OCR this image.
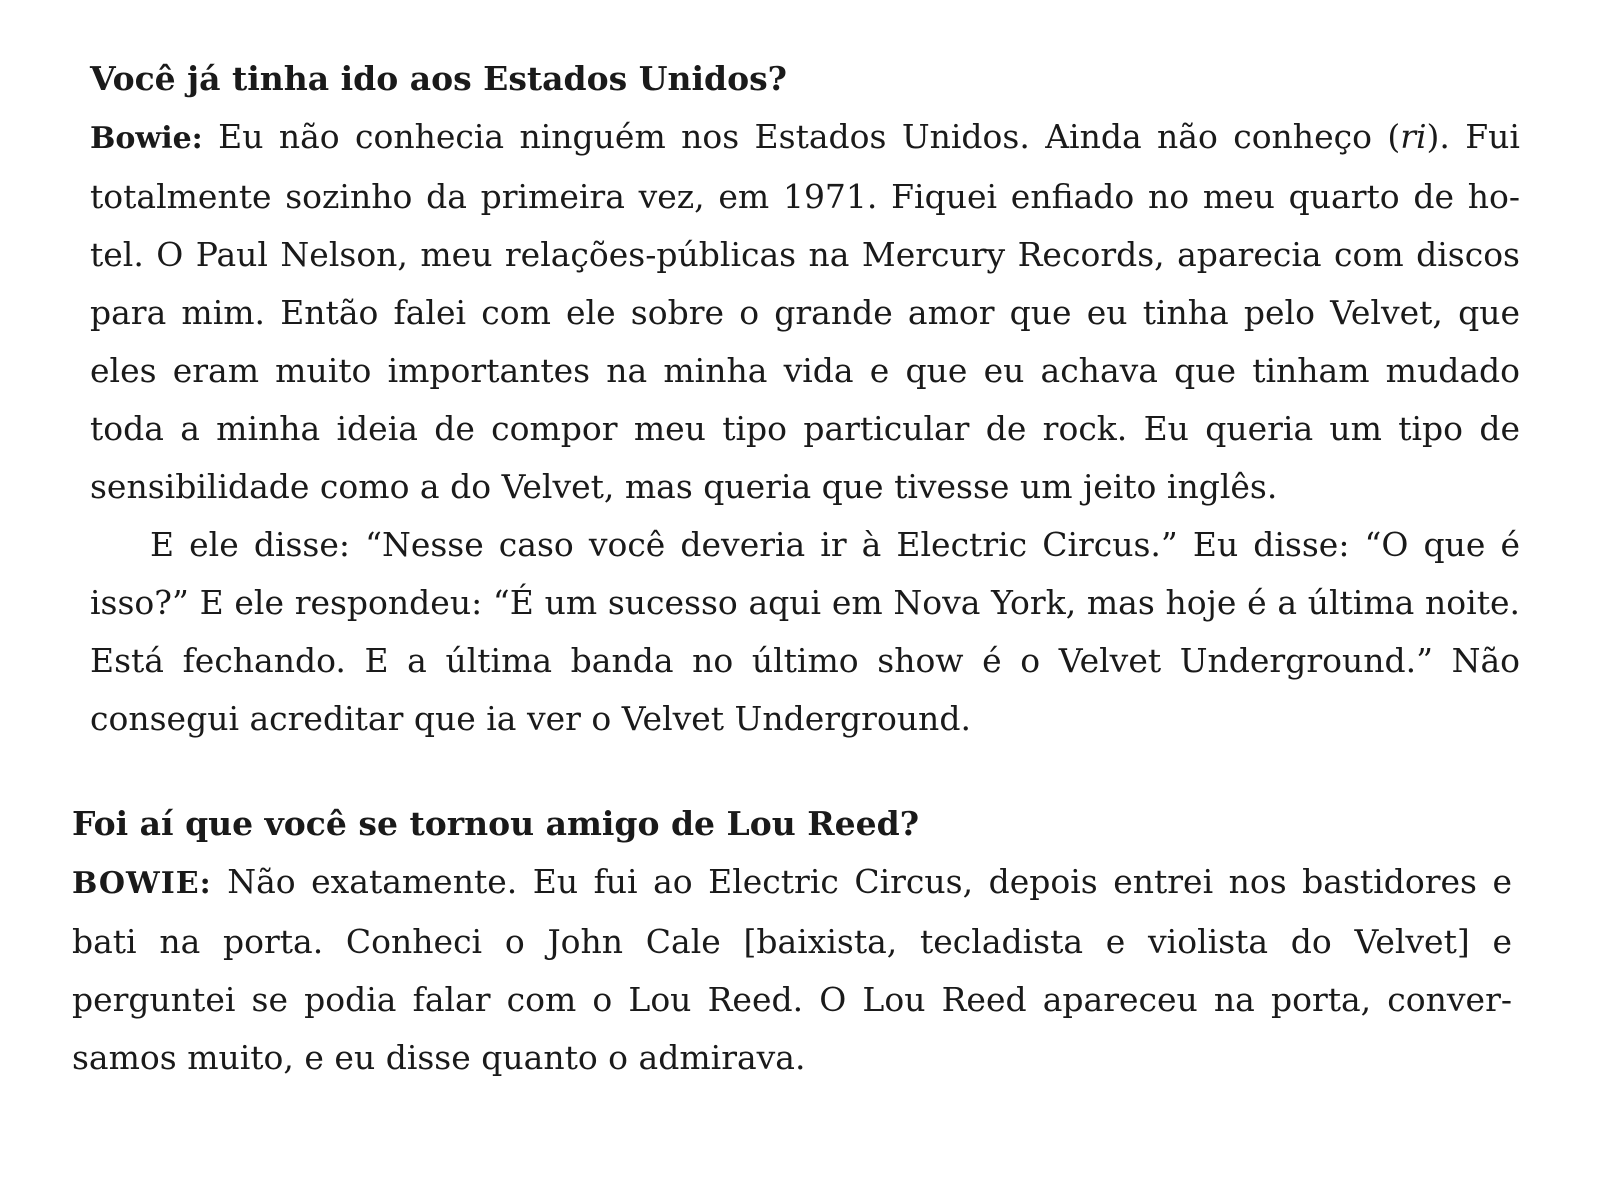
Você já tinha ido aos Estados Unidos?

Bowie: Eu não conhecia ninguém nos Estados Unidos. Ainda não conheço (ri). Fui totalmente sozinho da primeira vez, em 1971. Fiquei enfiado no meu quarto de hotel. O Paul Nelson, meu relações-públicas na Mercury Records, aparecia com discos para mim. Então falei com ele sobre o grande amor que eu tinha pelo Velvet, que eles eram muito importantes na minha vida e que eu achava que tinham mudado toda a minha ideia de compor meu tipo particular de rock. Eu queria um tipo de sensibilidade como a do Velvet, mas queria que tivesse um jeito inglês.

E ele disse: “Nesse caso você deveria ir à Electric Circus.” Eu disse: “O que é isso?” E ele respondeu: “É um sucesso aqui em Nova York, mas hoje é a última noite. Está fechando. E a última banda no último show é o Velvet Underground.” Não consegui acreditar que ia ver o Velvet Underground.

Foi aí que você se tornou amigo de Lou Reed?

BOWIE: Não exatamente. Eu fui ao Electric Circus, depois entrei nos bastidores e bati na porta. Conheci o John Cale [baixista, tecladista e violista do Velvet] e perguntei se podia falar com o Lou Reed. O Lou Reed apareceu na porta, conversamos muito, e eu disse quanto o admirava.
